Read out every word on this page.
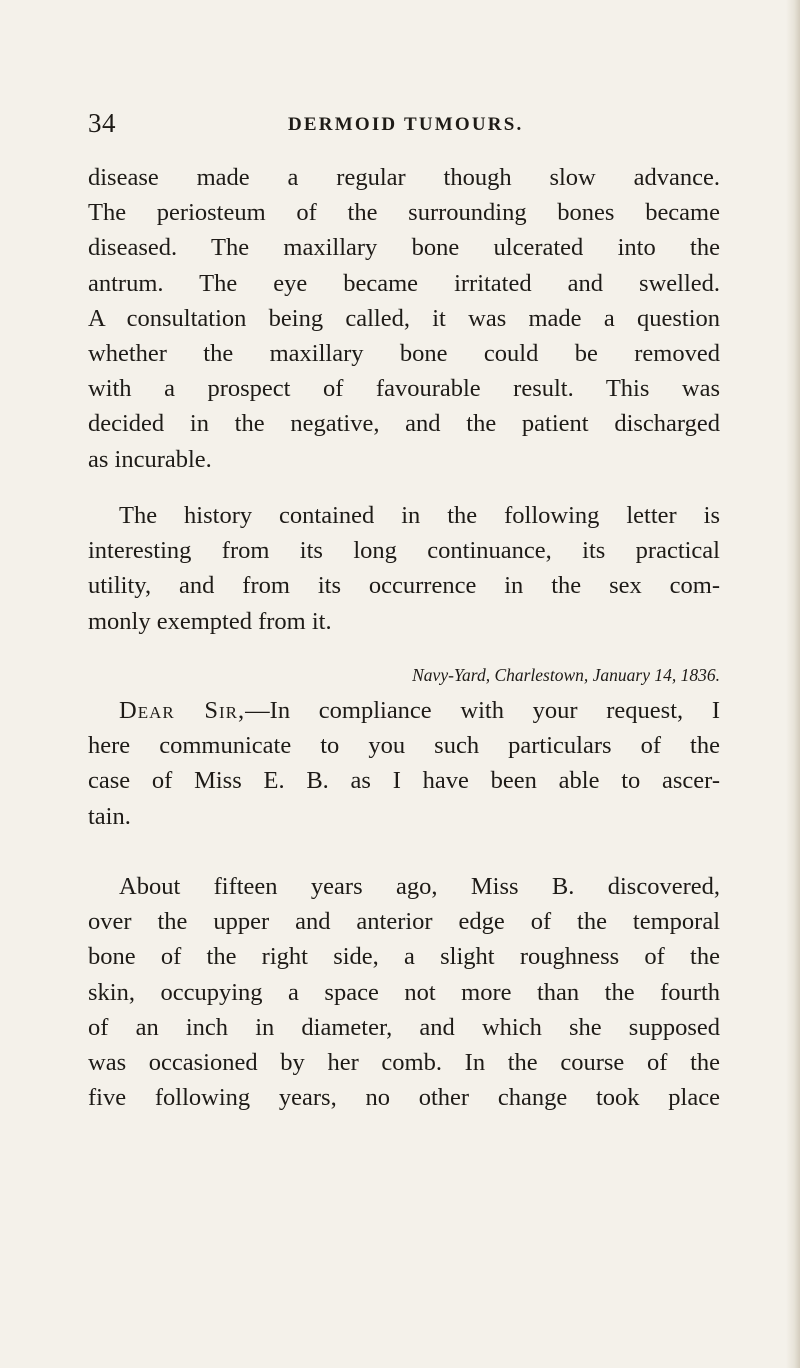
34	DERMOID TUMOURS.
disease made a regular though slow advance.
The periosteum of the surrounding bones became
diseased. The maxillary bone ulcerated into the
antrum. The eye became irritated and swelled.
A consultation being called, it was made a question
whether the maxillary bone could be removed
with a prospect of favourable result. This was
decided in the negative, and the patient discharged
as incurable.
The history contained in the following letter is
interesting from its long continuance, its practical
utility, and from its occurrence in the sex com-
monly exempted from it.
Navy-Yard, Charlestown, January 14, 1836.
Dear Sir,—In compliance with your request, I
here communicate to you such particulars of the
case of Miss E. B. as I have been able to ascer-
tain.
About fifteen years ago, Miss B. discovered,
over the upper and anterior edge of the temporal
bone of the right side, a slight roughness of the
skin, occupying a space not more than the fourth
of an inch in diameter, and which she supposed
was occasioned by her comb. In the course of the
five following years, no other change took place
